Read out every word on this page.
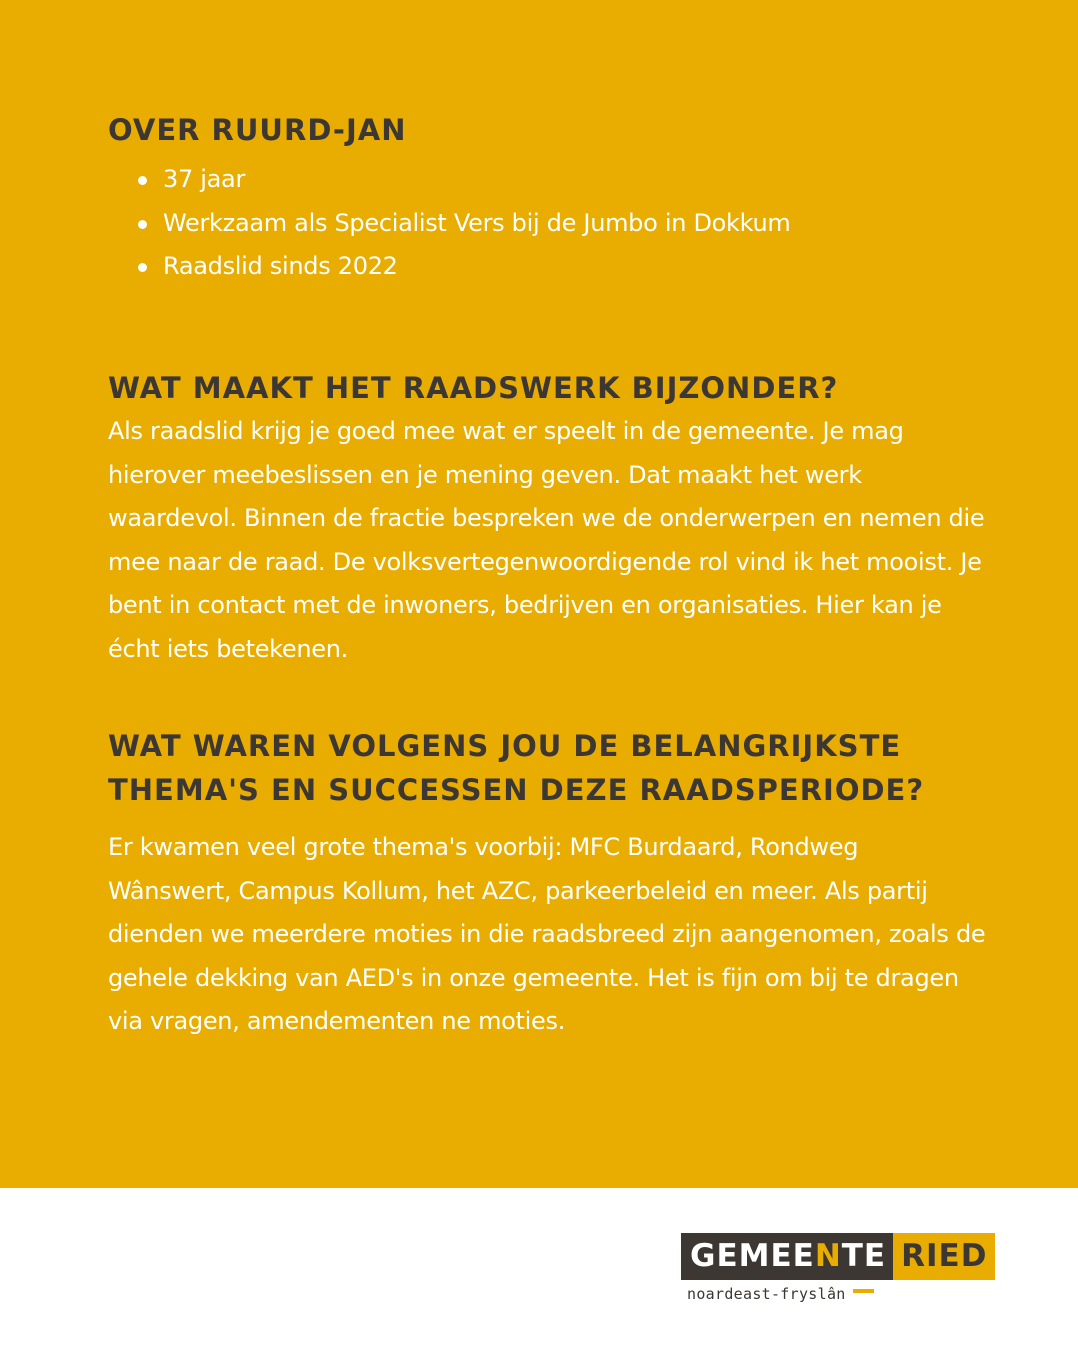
OVER RUURD-JAN
37 jaar
Werkzaam als Specialist Vers bij de Jumbo in Dokkum
Raadslid sinds 2022
WAT MAAKT HET RAADSWERK BIJZONDER?

Als raadslid krijg je goed mee wat er speelt in de gemeente. Je mag hierover meebeslissen en je mening geven. Dat maakt het werk waardevol. Binnen de fractie bespreken we de onderwerpen en nemen die mee naar de raad. De volksvertegenwoordigende rol vind ik het mooist. Je bent in contact met de inwoners, bedrijven en organisaties. Hier kan je écht iets betekenen.

WAT WAREN VOLGENS JOU DE BELANGRIJKSTE THEMA'S EN SUCCESSEN DEZE RAADSPERIODE?

Er kwamen veel grote thema's voorbij: MFC Burdaard, Rondweg Wânswert, Campus Kollum, het AZC, parkeerbeleid en meer. Als partij dienden we meerdere moties in die raadsbreed zijn aangenomen, zoals de gehele dekking van AED's in onze gemeente. Het is fijn om bij te dragen via vragen, amendementen ne moties.

GEMEENTE RIED
noardeast-fryslân
